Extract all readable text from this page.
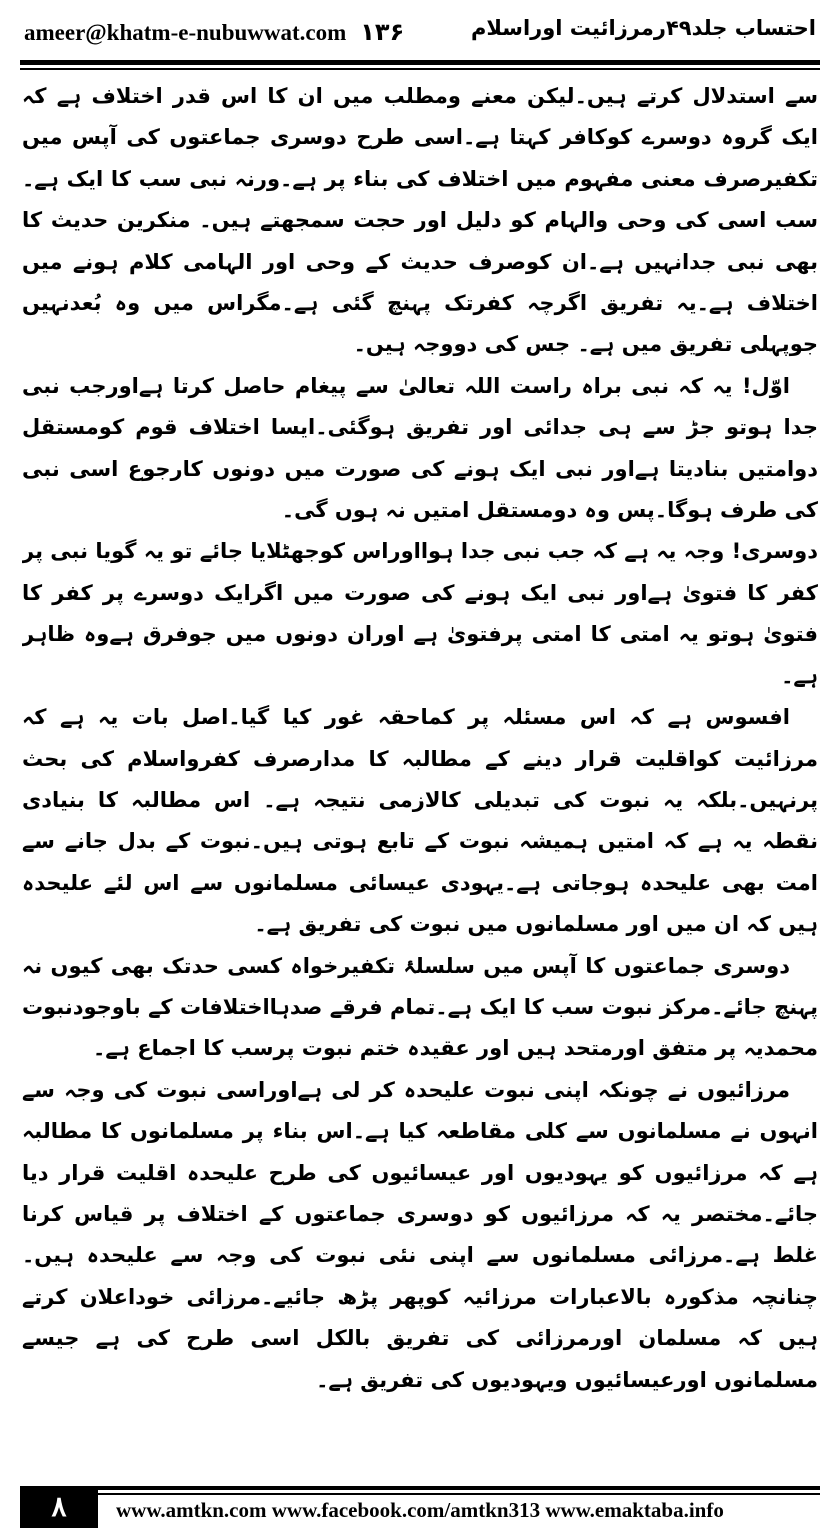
ameer@khatm-e-nubuwwat.com ۱۳۶	احتساب جلد۴۹رمرزائیت اوراسلام

سے استدلال کرتے ہیں۔لیکن معنے ومطلب میں ان کا اس قدر اختلاف ہے کہ ایک گروہ دوسرے کوکافر کہتا ہے۔اسی طرح دوسری جماعتوں کی آپس میں تکفیرصرف معنی مفہوم میں اختلاف کی بناء پر ہے۔ورنہ نبی سب کا ایک ہے۔سب اسی کی وحی والہام کو دلیل اور حجت سمجھتے ہیں۔ منکرین حدیث کا بھی نبی جدانہیں ہے۔ان کوصرف حدیث کے وحی اور الہامی کلام ہونے میں اختلاف ہے۔یہ تفریق اگرچہ کفرتک پہنچ گئی ہے۔مگراس میں وہ بُعدنہیں جوپہلی تفریق میں ہے۔ جس کی دووجہ ہیں۔

اوّل! یہ کہ نبی براہ راست اللہ تعالیٰ سے پیغام حاصل کرتا ہےاورجب نبی جدا ہوتو جڑ سے ہی جدائی اور تفریق ہوگئی۔ایسا اختلاف قوم کومستقل دوامتیں بنادیتا ہےاور نبی ایک ہونے کی صورت میں دونوں کارجوع اسی نبی کی طرف ہوگا۔پس وہ دومستقل امتیں نہ ہوں گی۔

دوسری! وجہ یہ ہے کہ جب نبی جدا ہوااوراس کوجھٹلایا جائے تو یہ گویا نبی پر کفر کا فتویٰ ہےاور نبی ایک ہونے کی صورت میں اگرایک دوسرے پر کفر کا فتویٰ ہوتو یہ امتی کا امتی پرفتویٰ ہے اوران دونوں میں جوفرق ہےوہ ظاہر ہے۔

افسوس ہے کہ اس مسئلہ پر کماحقہ غور کیا گیا۔اصل بات یہ ہے کہ مرزائیت کواقلیت قرار دینے کے مطالبہ کا مدارصرف کفرواسلام کی بحث پرنہیں۔بلکہ یہ نبوت کی تبدیلی کالازمی نتیجہ ہے۔ اس مطالبہ کا بنیادی نقطہ یہ ہے کہ امتیں ہمیشہ نبوت کے تابع ہوتی ہیں۔نبوت کے بدل جانے سے امت بھی علیحدہ ہوجاتی ہے۔یہودی عیسائی مسلمانوں سے اس لئے علیحدہ ہیں کہ ان میں اور مسلمانوں میں نبوت کی تفریق ہے۔

دوسری جماعتوں کا آپس میں سلسلۂ تکفیرخواہ کسی حدتک بھی کیوں نہ پہنچ جائے۔مرکز نبوت سب کا ایک ہے۔تمام فرقے صدہااختلافات کے باوجودنبوت محمدیہ پر متفق اورمتحد ہیں اور عقیدہ ختم نبوت پرسب کا اجماع ہے۔

مرزائیوں نے چونکہ اپنی نبوت علیحدہ کر لی ہےاوراسی نبوت کی وجہ سے انہوں نے مسلمانوں سے کلی مقاطعہ کیا ہے۔اس بناء پر مسلمانوں کا مطالبہ ہے کہ مرزائیوں کو یہودیوں اور عیسائیوں کی طرح علیحدہ اقلیت قرار دیا جائے۔مختصر یہ کہ مرزائیوں کو دوسری جماعتوں کے اختلاف پر قیاس کرنا غلط ہے۔مرزائی مسلمانوں سے اپنی نئی نبوت کی وجہ سے علیحدہ ہیں۔چنانچہ مذکورہ بالاعبارات مرزائیہ کوپھر پڑھ جائیے۔مرزائی خوداعلان کرتے ہیں کہ مسلمان اورمرزائی کی تفریق بالکل اسی طرح کی ہے جیسے مسلمانوں اورعیسائیوں ویہودیوں کی تفریق ہے۔

۸	www.amtkn.com www.facebook.com/amtkn313 www.emaktaba.info
